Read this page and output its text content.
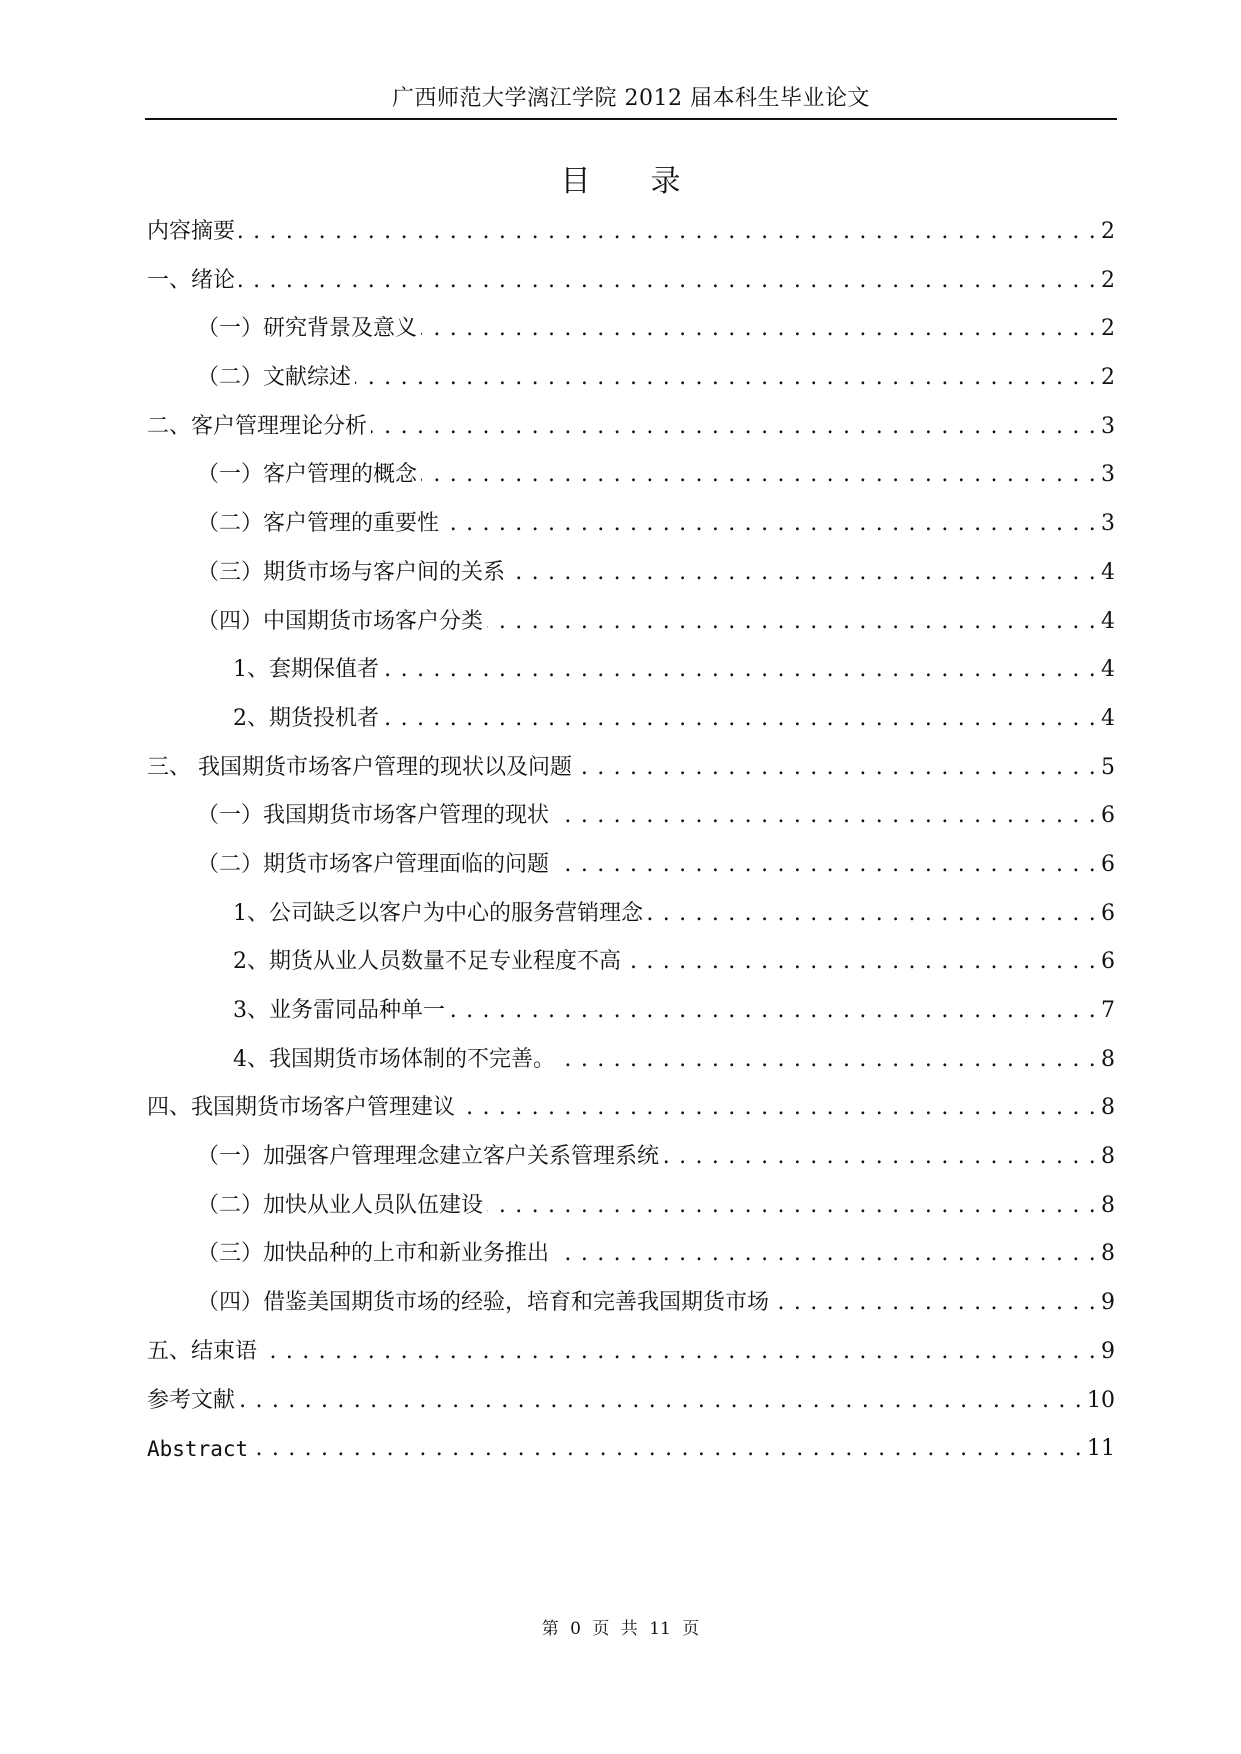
广西师范大学漓江学院 2012 届本科生毕业论文
目录
内容摘要 . . .	2
一、绪论 . . .	2
（一）研究背景及意义 . . .	2
（二）文献综述 . . .	2
二、客户管理理论分析 . . .	3
（一）客户管理的概念 . . .	3
（二）客户管理的重要性 . . .	3
（三）期货市场与客户间的关系 . . .	4
（四）中国期货市场客户分类 . . .	4
1、套期保值者 . . .	4
2、期货投机者 . . .	4
三、 我国期货市场客户管理的现状以及问题 . . .	5
（一）我国期货市场客户管理的现状 . . .	6
（二）期货市场客户管理面临的问题 . . .	6
1、公司缺乏以客户为中心的服务营销理念 . . .	6
2、期货从业人员数量不足专业程度不高 . . .	6
3、业务雷同品种单一 . . .	7
4、我国期货市场体制的不完善。 . . .	8
四、我国期货市场客户管理建议 . . .	8
（一）加强客户管理理念建立客户关系管理系统 . . .	8
（二）加快从业人员队伍建设 . . .	8
（三）加快品种的上市和新业务推出 . . .	8
（四）借鉴美国期货市场的经验，培育和完善我国期货市场 . . .	9
五、结束语 . . .	9
参考文献 . . .	10
Abstract . . .	11
第 0 页 共 11 页
